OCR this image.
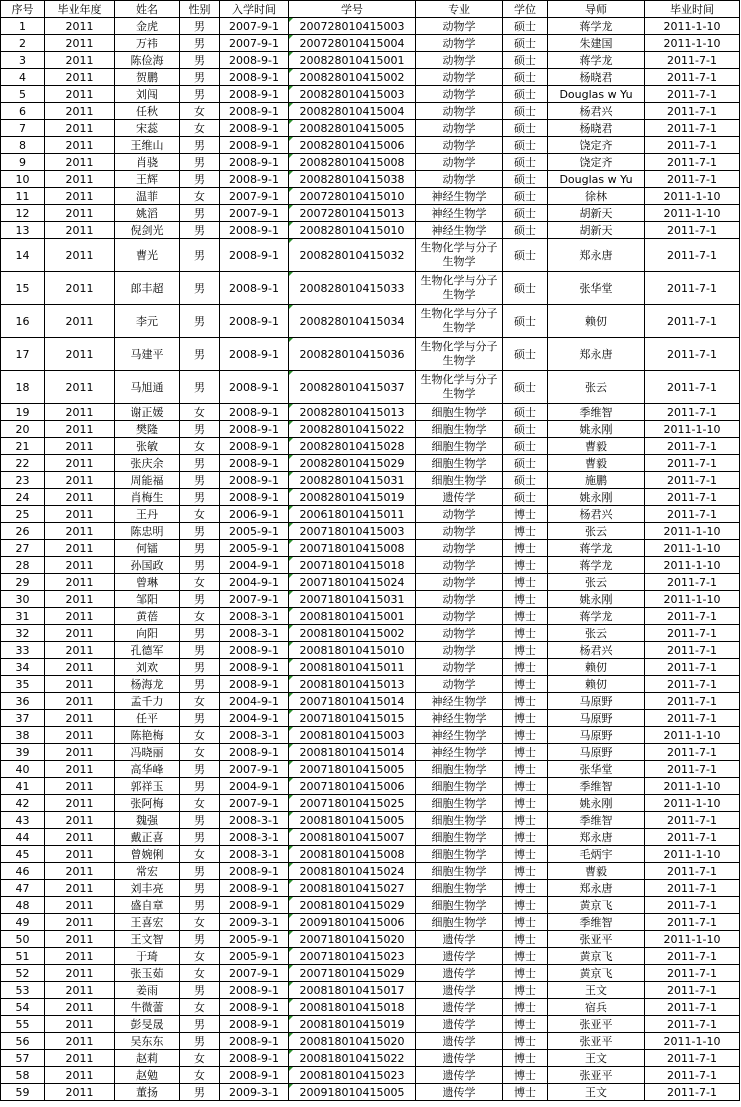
序号	毕业年度	姓名	性别	入学时间	学号	专业	学位	导师	毕业时间
1	2011	金虎	男	2007-9-1	200728010415003	动物学	硕士	蒋学龙	2011-1-10
2	2011	万祎	男	2007-9-1	200728010415004	动物学	硕士	朱建国	2011-1-10
3	2011	陈俭海	男	2008-9-1	200828010415001	动物学	硕士	蒋学龙	2011-7-1
4	2011	贺鹏	男	2008-9-1	200828010415002	动物学	硕士	杨晓君	2011-7-1
5	2011	刘闯	男	2008-9-1	200828010415003	动物学	硕士	Douglas w Yu	2011-7-1
6	2011	任秋	女	2008-9-1	200828010415004	动物学	硕士	杨君兴	2011-7-1
7	2011	宋蕊	女	2008-9-1	200828010415005	动物学	硕士	杨晓君	2011-7-1
8	2011	王维山	男	2008-9-1	200828010415006	动物学	硕士	饶定齐	2011-7-1
9	2011	肖骁	男	2008-9-1	200828010415008	动物学	硕士	饶定齐	2011-7-1
10	2011	王辉	男	2008-9-1	200828010415038	动物学	硕士	Douglas w Yu	2011-7-1
11	2011	温菲	女	2007-9-1	200728010415010	神经生物学	硕士	徐林	2011-1-10
12	2011	姚滔	男	2007-9-1	200728010415013	神经生物学	硕士	胡新天	2011-1-10
13	2011	倪剑光	男	2008-9-1	200828010415010	神经生物学	硕士	胡新天	2011-7-1
14	2011	曹光	男	2008-9-1	200828010415032	生物化学与分子生物学	硕士	郑永唐	2011-7-1
15	2011	郎丰超	男	2008-9-1	200828010415033	生物化学与分子生物学	硕士	张华堂	2011-7-1
16	2011	李元	男	2008-9-1	200828010415034	生物化学与分子生物学	硕士	赖仞	2011-7-1
17	2011	马建平	男	2008-9-1	200828010415036	生物化学与分子生物学	硕士	郑永唐	2011-7-1
18	2011	马旭通	男	2008-9-1	200828010415037	生物化学与分子生物学	硕士	张云	2011-7-1
19	2011	谢正媛	女	2008-9-1	200828010415013	细胞生物学	硕士	季维智	2011-7-1
20	2011	樊隆	男	2008-9-1	200828010415022	细胞生物学	硕士	姚永刚	2011-1-10
21	2011	张敏	女	2008-9-1	200828010415028	细胞生物学	硕士	曹毅	2011-7-1
22	2011	张庆余	男	2008-9-1	200828010415029	细胞生物学	硕士	曹毅	2011-7-1
23	2011	周能福	男	2008-9-1	200828010415031	细胞生物学	硕士	施鹏	2011-7-1
24	2011	肖梅生	男	2008-9-1	200828010415019	遗传学	硕士	姚永刚	2011-7-1
25	2011	王丹	女	2006-9-1	200618010415011	动物学	博士	杨君兴	2011-7-1
26	2011	陈忠明	男	2005-9-1	200718010415003	动物学	博士	张云	2011-1-10
27	2011	何镭	男	2005-9-1	200718010415008	动物学	博士	蒋学龙	2011-1-10
28	2011	孙国政	男	2004-9-1	200718010415018	动物学	博士	蒋学龙	2011-1-10
29	2011	曾琳	女	2004-9-1	200718010415024	动物学	博士	张云	2011-7-1
30	2011	邹阳	男	2007-9-1	200718010415031	动物学	博士	姚永刚	2011-1-10
31	2011	黄蓓	女	2008-3-1	200818010415001	动物学	博士	蒋学龙	2011-7-1
32	2011	向阳	男	2008-3-1	200818010415002	动物学	博士	张云	2011-7-1
33	2011	孔德军	男	2008-9-1	200818010415010	动物学	博士	杨君兴	2011-7-1
34	2011	刘欢	男	2008-9-1	200818010415011	动物学	博士	赖仞	2011-7-1
35	2011	杨海龙	男	2008-9-1	200818010415013	动物学	博士	赖仞	2011-7-1
36	2011	孟千力	女	2004-9-1	200718010415014	神经生物学	博士	马原野	2011-7-1
37	2011	任平	男	2004-9-1	200718010415015	神经生物学	博士	马原野	2011-7-1
38	2011	陈艳梅	女	2008-3-1	200818010415003	神经生物学	博士	马原野	2011-1-10
39	2011	冯晓丽	女	2008-9-1	200818010415014	神经生物学	博士	马原野	2011-7-1
40	2011	高华峰	男	2007-9-1	200718010415005	细胞生物学	博士	张华堂	2011-7-1
41	2011	郭祥玉	男	2004-9-1	200718010415006	细胞生物学	博士	季维智	2011-1-10
42	2011	张阿梅	女	2007-9-1	200718010415025	细胞生物学	博士	姚永刚	2011-1-10
43	2011	魏强	男	2008-3-1	200818010415005	细胞生物学	博士	季维智	2011-7-1
44	2011	戴正喜	男	2008-3-1	200818010415007	细胞生物学	博士	郑永唐	2011-7-1
45	2011	曾婉俐	女	2008-3-1	200818010415008	细胞生物学	博士	毛炳宇	2011-1-10
46	2011	常宏	男	2008-9-1	200818010415024	细胞生物学	博士	曹毅	2011-7-1
47	2011	刘丰亮	男	2008-9-1	200818010415027	细胞生物学	博士	郑永唐	2011-7-1
48	2011	盛自章	男	2008-9-1	200818010415029	细胞生物学	博士	黄京飞	2011-7-1
49	2011	王喜宏	女	2009-3-1	200918010415006	细胞生物学	博士	季维智	2011-7-1
50	2011	王文智	男	2005-9-1	200718010415020	遗传学	博士	张亚平	2011-1-10
51	2011	于琦	女	2005-9-1	200718010415023	遗传学	博士	黄京飞	2011-7-1
52	2011	张玉茹	女	2007-9-1	200718010415029	遗传学	博士	黄京飞	2011-7-1
53	2011	姜雨	男	2008-9-1	200818010415017	遗传学	博士	王文	2011-7-1
54	2011	牛微蕾	女	2008-9-1	200818010415018	遗传学	博士	宿兵	2011-7-1
55	2011	彭旻晟	男	2008-9-1	200818010415019	遗传学	博士	张亚平	2011-7-1
56	2011	吴东东	男	2008-9-1	200818010415020	遗传学	博士	张亚平	2011-1-10
57	2011	赵莉	女	2008-9-1	200818010415022	遗传学	博士	王文	2011-7-1
58	2011	赵勉	女	2008-9-1	200818010415023	遗传学	博士	张亚平	2011-7-1
59	2011	董扬	男	2009-3-1	200918010415005	遗传学	博士	王文	2011-7-1
